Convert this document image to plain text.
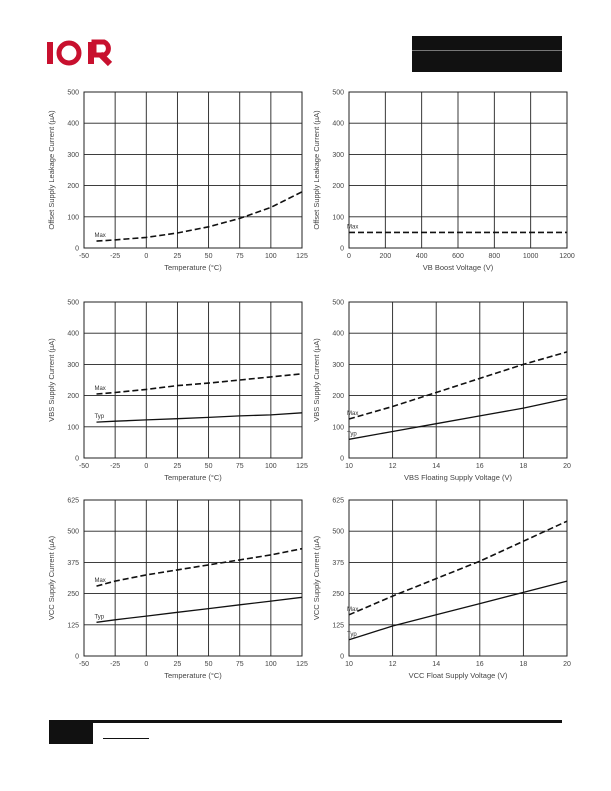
-50	-25	0	25	50	75	100	125
0
100
200
300
400
500
Temperature (°C)
Offset Supply Leakage Current (µA)
Max
0	200	400	600	800	1000	1200
0
100
200
300
400
500
VB Boost Voltage (V)
Offset Supply Leakage Current (µA)	Max
-50	-25	0	25	50	75	100	125
0
100
200
300
400
500
Temperature (°C)
VBS Supply Current (µA)	Max
Typ
10	12	14	16	18	20
0
100
200
300
400
500
VBS Floating Supply Voltage (V)
VBS Supply Current (µA)	Max
Typ
-50	-25	0	25	50	75	100	125
0
125
250
375
500
625
Temperature (°C)
VCC Supply Current (µA)	Max
Typ
10	12	14	16	18	20
0
125
250
375
500
625
VCC Float Supply Voltage (V)
VCC Supply Current (µA)	Max
Typ
